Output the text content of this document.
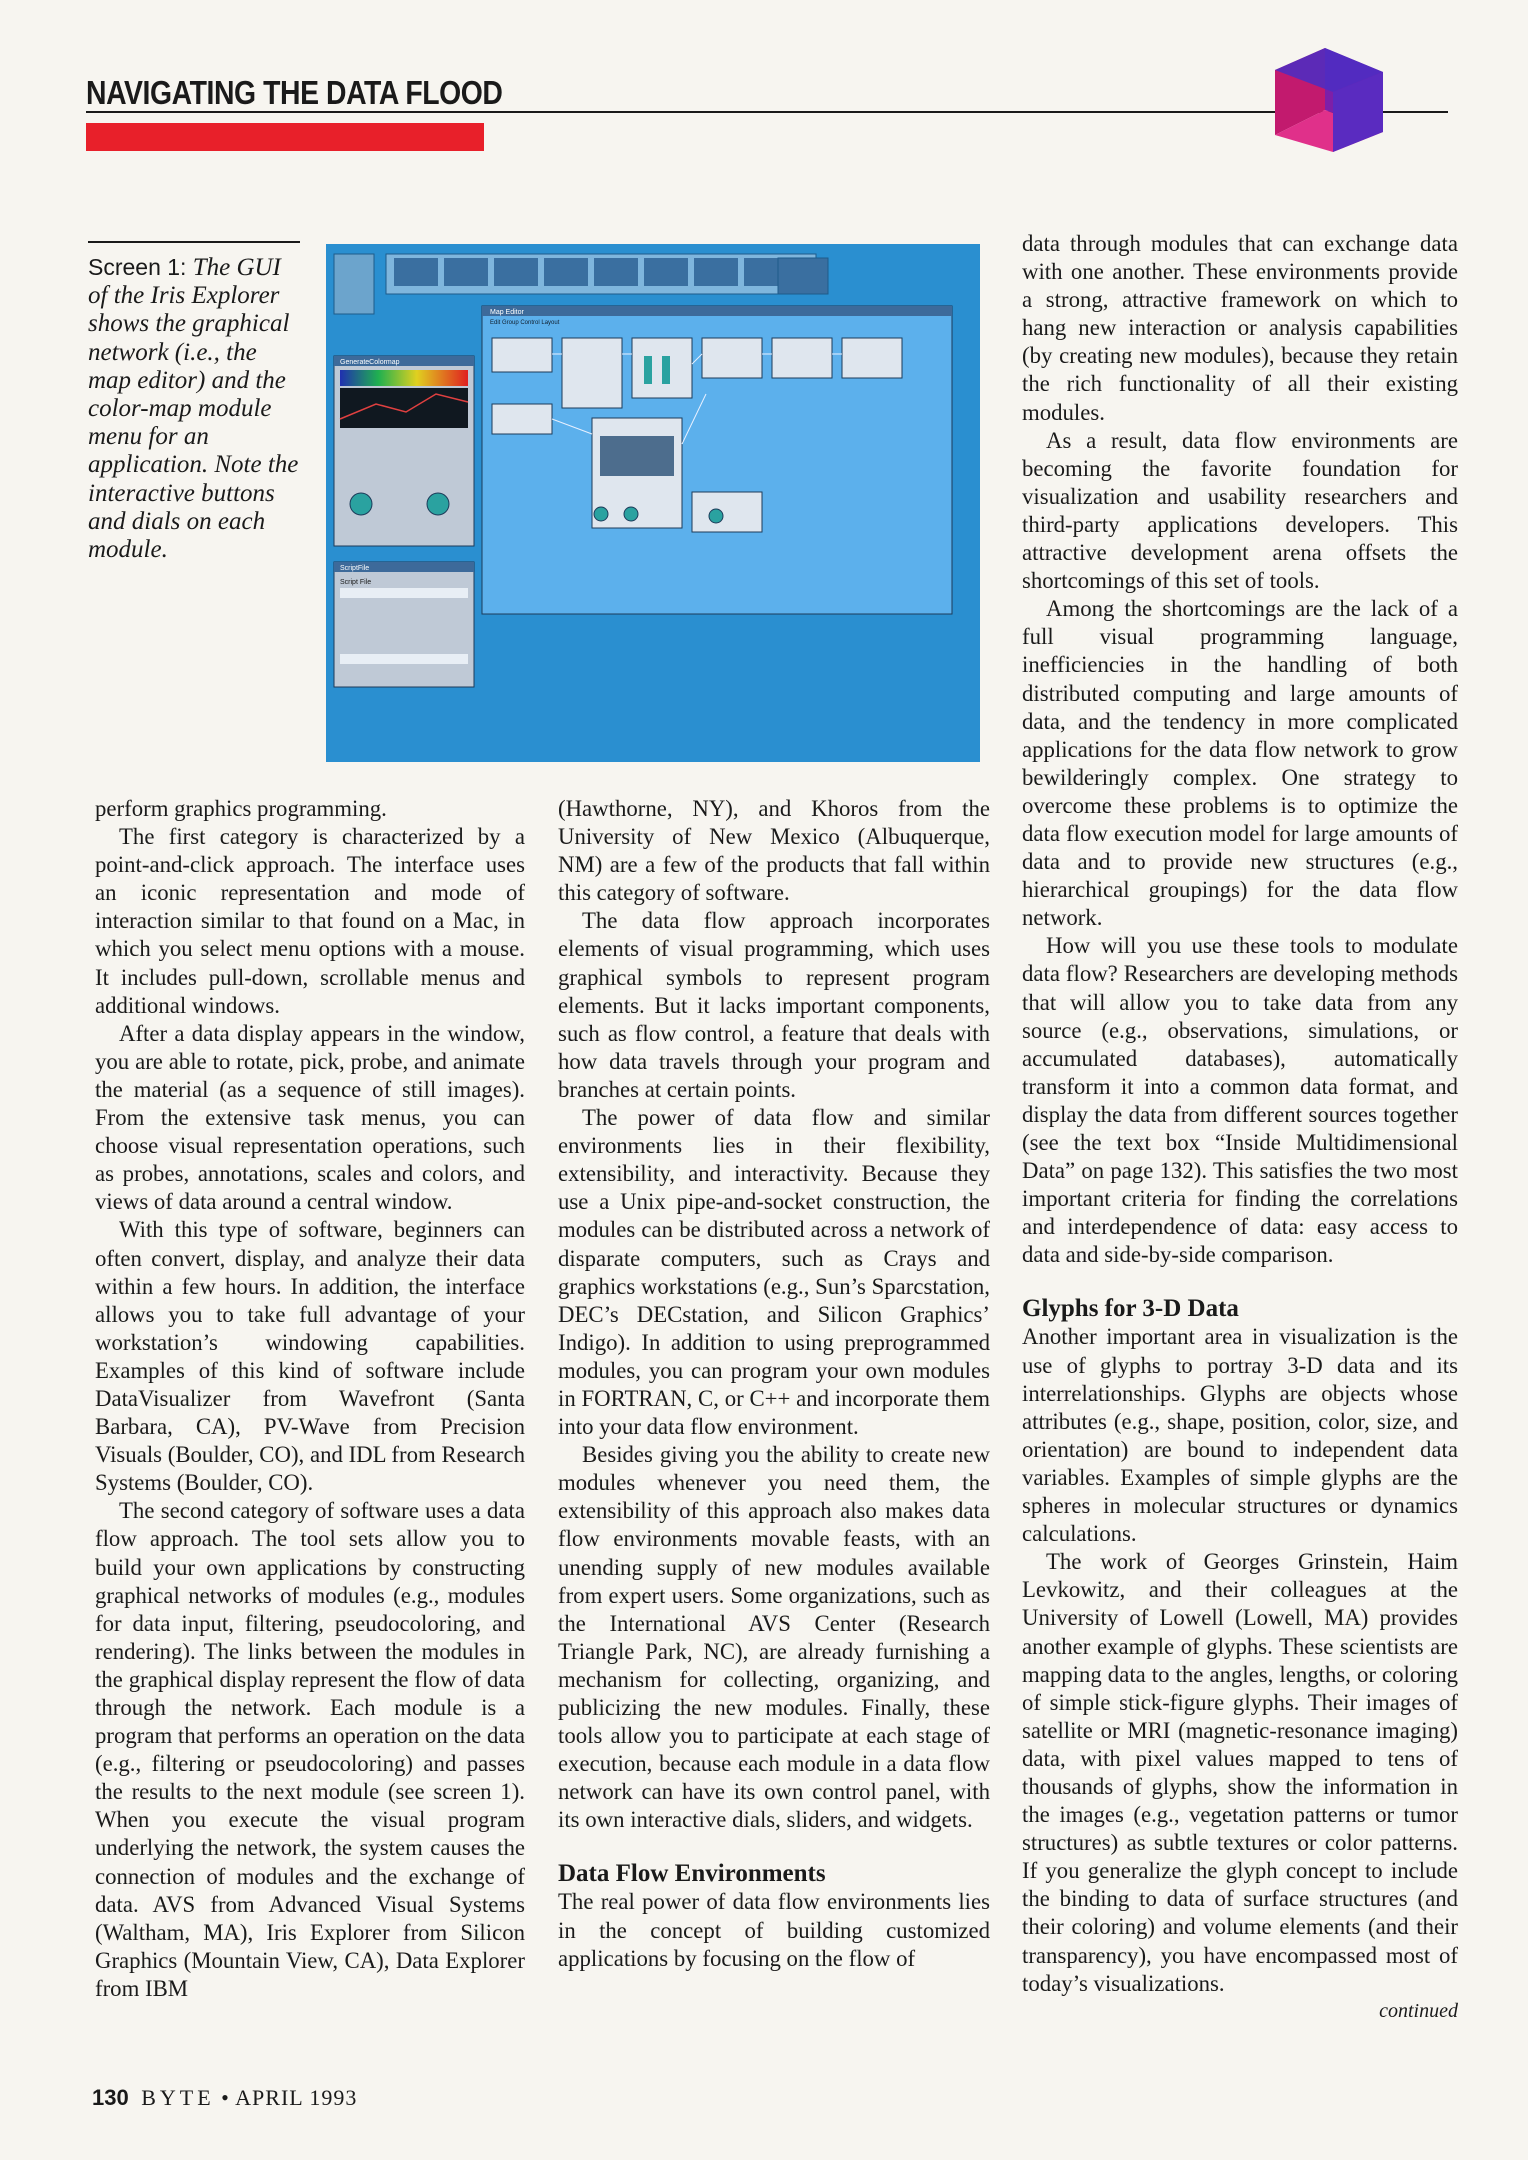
NAVIGATING THE DATA FLOOD
Screen 1: The GUI of the Iris Explorer shows the graphical network (i.e., the map editor) and the color-map module menu for an application. Note the interactive buttons and dials on each module.
GenerateColormap
ScriptFile
Script File
Map Editor
Edit Group Control Layout

perform graphics programming.

The first category is characterized by a point-and-click approach. The interface uses an iconic representation and mode of interaction similar to that found on a Mac, in which you select menu options with a mouse. It includes pull-down, scrollable menus and additional windows.

After a data display appears in the window, you are able to rotate, pick, probe, and animate the material (as a sequence of still images). From the extensive task menus, you can choose visual representation operations, such as probes, annotations, scales and colors, and views of data around a central window.

With this type of software, beginners can often convert, display, and analyze their data within a few hours. In addition, the interface allows you to take full advantage of your workstation’s windowing capabilities. Examples of this kind of software include DataVisualizer from Wavefront (Santa Barbara, CA), PV-Wave from Precision Visuals (Boulder, CO), and IDL from Research Systems (Boulder, CO).

The second category of software uses a data flow approach. The tool sets allow you to build your own applications by constructing graphical networks of modules (e.g., modules for data input, filtering, pseudocoloring, and rendering). The links between the modules in the graphical display represent the flow of data through the network. Each module is a program that performs an operation on the data (e.g., filtering or pseudocoloring) and passes the results to the next module (see screen 1). When you execute the visual program underlying the network, the system causes the connection of modules and the exchange of data. AVS from Advanced Visual Systems (Waltham, MA), Iris Explorer from Silicon Graphics (Mountain View, CA), Data Explorer from IBM

(Hawthorne, NY), and Khoros from the University of New Mexico (Albuquerque, NM) are a few of the products that fall within this category of software.

The data flow approach incorporates elements of visual programming, which uses graphical symbols to represent program elements. But it lacks important components, such as flow control, a feature that deals with how data travels through your program and branches at certain points.

The power of data flow and similar environments lies in their flexibility, extensibility, and interactivity. Because they use a Unix pipe-and-socket construction, the modules can be distributed across a network of disparate computers, such as Crays and graphics workstations (e.g., Sun’s Sparcstation, DEC’s DECstation, and Silicon Graphics’ Indigo). In addition to using preprogrammed modules, you can program your own modules in FORTRAN, C, or C++ and incorporate them into your data flow environment.

Besides giving you the ability to create new modules whenever you need them, the extensibility of this approach also makes data flow environments movable feasts, with an unending supply of new modules available from expert users. Some organizations, such as the International AVS Center (Research Triangle Park, NC), are already furnishing a mechanism for collecting, organizing, and publicizing the new modules. Finally, these tools allow you to participate at each stage of execution, because each module in a data flow network can have its own control panel, with its own interactive dials, sliders, and widgets.

Data Flow Environments

The real power of data flow environments lies in the concept of building customized applications by focusing on the flow of

data through modules that can exchange data with one another. These environments provide a strong, attractive framework on which to hang new interaction or analysis capabilities (by creating new modules), because they retain the rich functionality of all their existing modules.

As a result, data flow environments are becoming the favorite foundation for visualization and usability researchers and third-party applications developers. This attractive development arena offsets the shortcomings of this set of tools.

Among the shortcomings are the lack of a full visual programming language, inefficiencies in the handling of both distributed computing and large amounts of data, and the tendency in more complicated applications for the data flow network to grow bewilderingly complex. One strategy to overcome these problems is to optimize the data flow execution model for large amounts of data and to provide new structures (e.g., hierarchical groupings) for the data flow network.

How will you use these tools to modulate data flow? Researchers are developing methods that will allow you to take data from any source (e.g., observations, simulations, or accumulated databases), automatically transform it into a common data format, and display the data from different sources together (see the text box “Inside Multidimensional Data” on page 132). This satisfies the two most important criteria for finding the correlations and interdependence of data: easy access to data and side-by-side comparison.

Glyphs for 3-D Data

Another important area in visualization is the use of glyphs to portray 3-D data and its interrelationships. Glyphs are objects whose attributes (e.g., shape, position, color, size, and orientation) are bound to independent data variables. Examples of simple glyphs are the spheres in molecular structures or dynamics calculations.

The work of Georges Grinstein, Haim Levkowitz, and their colleagues at the University of Lowell (Lowell, MA) provides another example of glyphs. These scientists are mapping data to the angles, lengths, or coloring of simple stick-figure glyphs. Their images of satellite or MRI (magnetic-resonance imaging) data, with pixel values mapped to tens of thousands of glyphs, show the information in the images (e.g., vegetation patterns or tumor structures) as subtle textures or color patterns. If you generalize the glyph concept to include the binding to data of surface structures (and their coloring) and volume elements (and their transparency), you have encompassed most of today’s visualizations.

continued
130 BYTE • APRIL 1993
